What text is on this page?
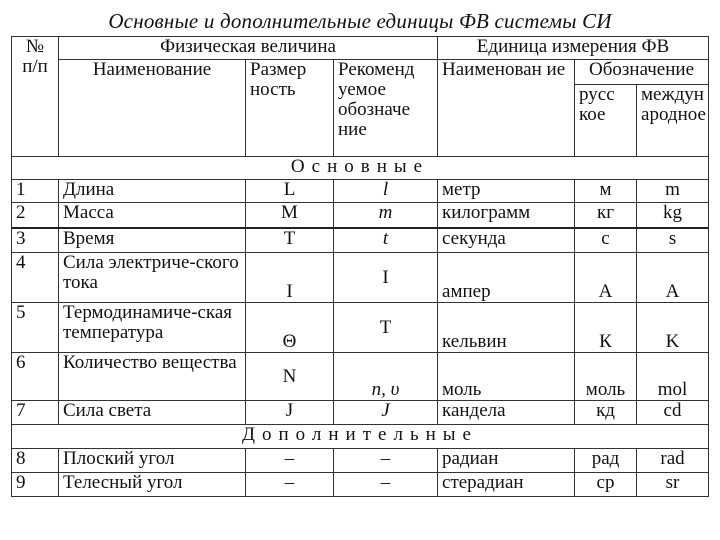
Основные и дополнительные единицы ФВ системы СИ
№
п/п	Физическая величина			Единица измерения ФВ		
	Наименование	Размер ность	Рекоменд уемое обозначе ние	Наименован ие	Обозначение	
					русс кое	междун ародное

Основные						
1	Длина	L	l	метр	м	m
2	Масса	M	m	килограмм	кг	kg
3	Время	T	t	секунда	с	s
4	Сила электриче-ского тока	I	I	ампер	А	A
5	Термодинамиче-ская температура	Θ	Т	кельвин	К	K
6	Количество вещества	N	n, υ	моль	моль	mol
7	Сила света	J	J	кандела	кд	cd
Дополнительные						
8	Плоский угол	–	–	радиан	рад	rad
9	Телесный угол	–	–	стерадиан	ср	sr
